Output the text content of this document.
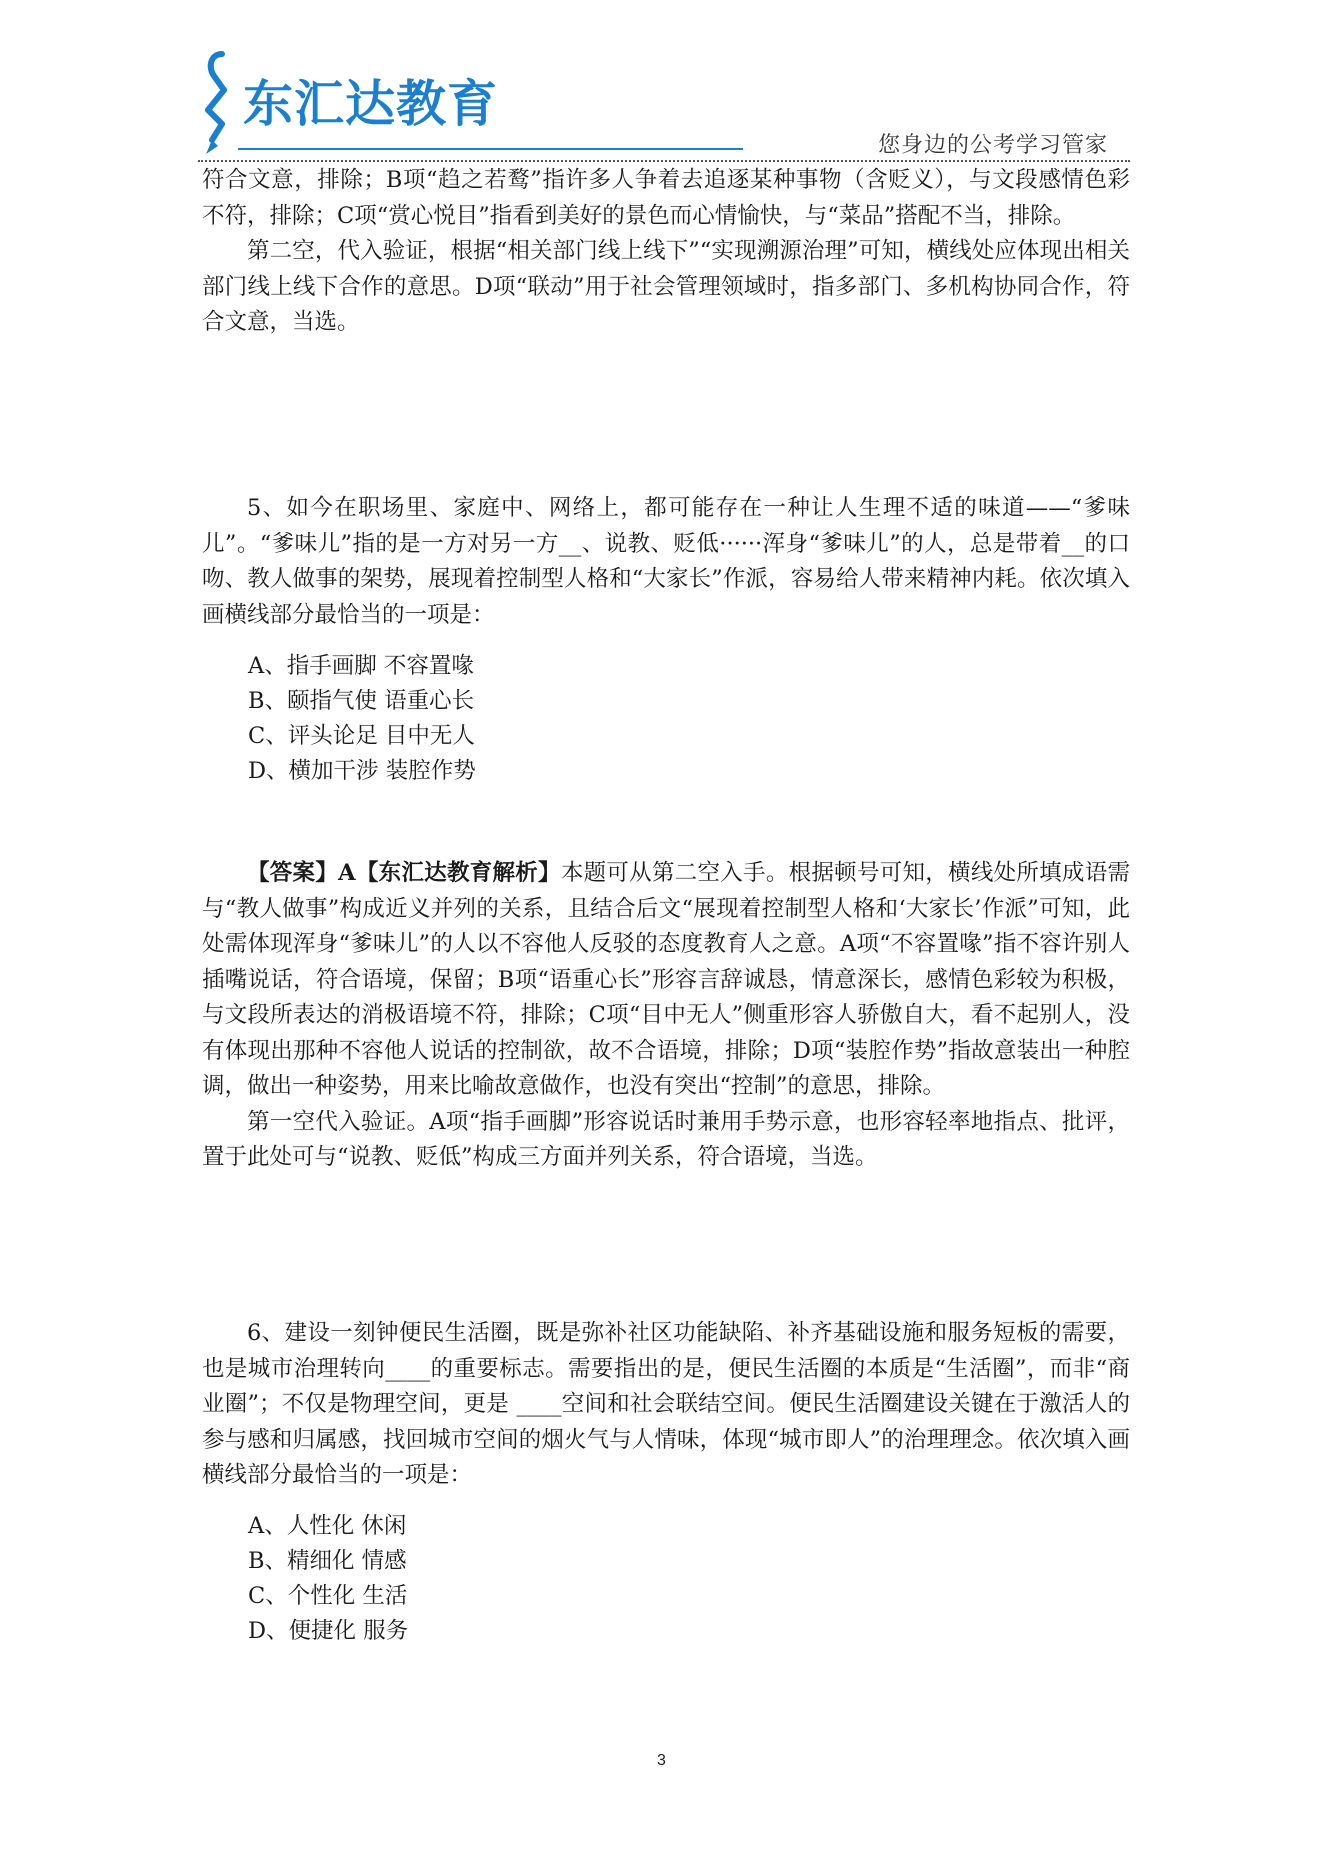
东汇达教育
您身边的公考学习管家

符合文意，排除；B项“趋之若鹜”指许多人争着去追逐某种事物（含贬义），与文段感情色彩不符，排除；C项“赏心悦目”指看到美好的景色而心情愉快，与“菜品”搭配不当，排除。

第二空，代入验证，根据“相关部门线上线下”“实现溯源治理”可知，横线处应体现出相关部门线上线下合作的意思。D项“联动”用于社会管理领域时，指多部门、多机构协同合作，符合文意，当选。

5、如今在职场里、家庭中、网络上，都可能存在一种让人生理不适的味道——“爹味儿”。“爹味儿”指的是一方对另一方__、说教、贬低······浑身“爹味儿”的人，总是带着__的口吻、教人做事的架势，展现着控制型人格和“大家长”作派，容易给人带来精神内耗。依次填入画横线部分最恰当的一项是：

A、指手画脚 不容置喙
B、颐指气使 语重心长
C、评头论足 目中无人
D、横加干涉 装腔作势

【答案】A【东汇达教育解析】本题可从第二空入手。根据顿号可知，横线处所填成语需与“教人做事”构成近义并列的关系，且结合后文“展现着控制型人格和‘大家长’作派”可知，此处需体现浑身“爹味儿”的人以不容他人反驳的态度教育人之意。A项“不容置喙”指不容许别人插嘴说话，符合语境，保留；B项“语重心长”形容言辞诚恳，情意深长，感情色彩较为积极，与文段所表达的消极语境不符，排除；C项“目中无人”侧重形容人骄傲自大，看不起别人，没有体现出那种不容他人说话的控制欲，故不合语境，排除；D项“装腔作势”指故意装出一种腔调，做出一种姿势，用来比喻故意做作，也没有突出“控制”的意思，排除。

第一空代入验证。A项“指手画脚”形容说话时兼用手势示意，也形容轻率地指点、批评，置于此处可与“说教、贬低”构成三方面并列关系，符合语境，当选。

6、建设一刻钟便民生活圈，既是弥补社区功能缺陷、补齐基础设施和服务短板的需要，也是城市治理转向____的重要标志。需要指出的是，便民生活圈的本质是“生活圈”，而非“商业圈”；不仅是物理空间，更是 ____空间和社会联结空间。便民生活圈建设关键在于激活人的参与感和归属感，找回城市空间的烟火气与人情味，体现“城市即人”的治理理念。依次填入画横线部分最恰当的一项是：

A、人性化 休闲
B、精细化 情感
C、个性化 生活
D、便捷化 服务
3
